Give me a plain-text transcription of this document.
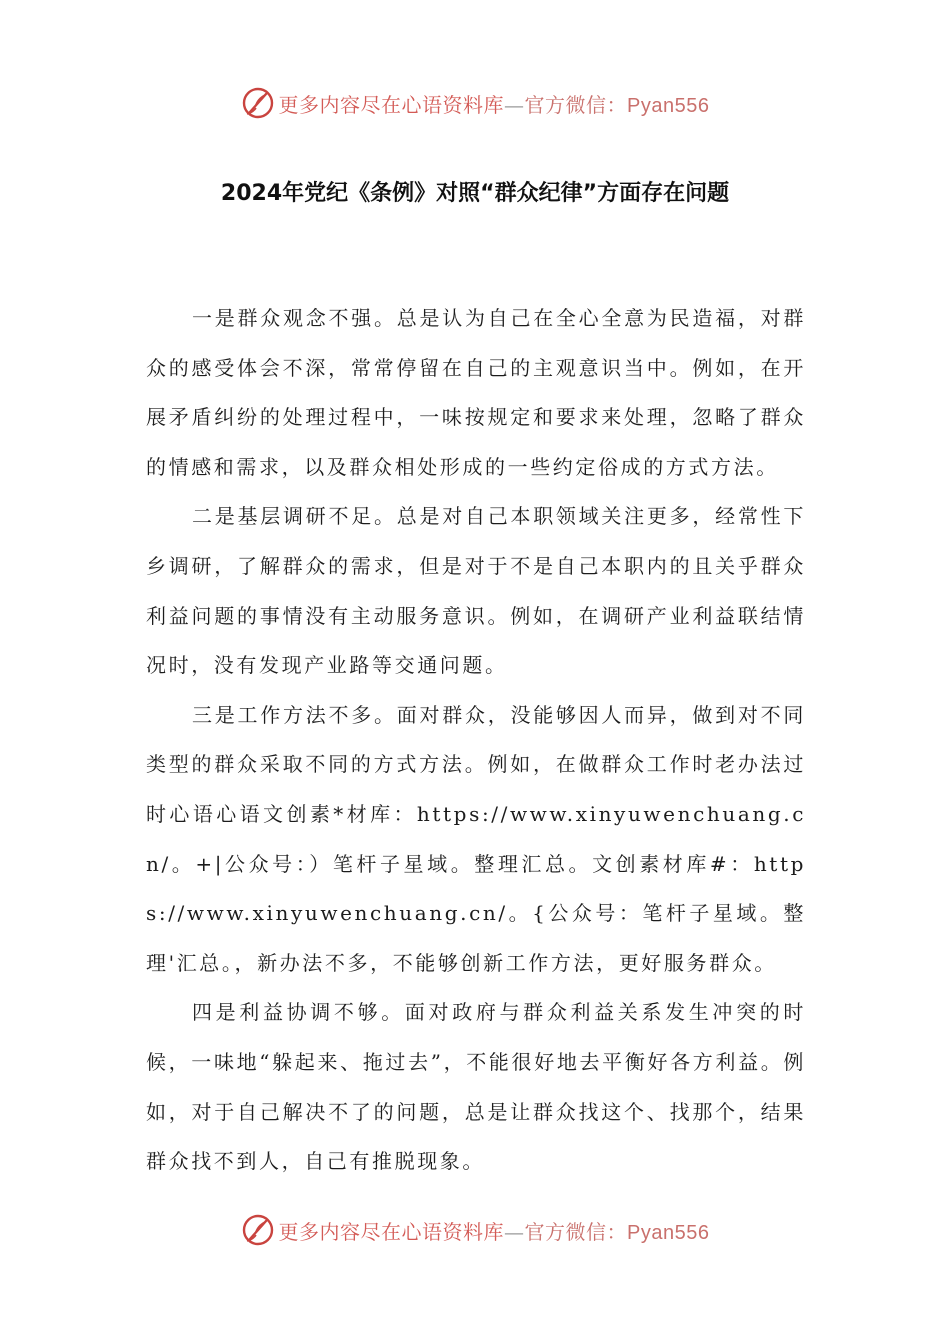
更多内容尽在心语资料库—官方微信：Pyan556
2024年党纪《条例》对照“群众纪律”方面存在问题

一是群众观念不强。总是认为自己在全心全意为民造福，对群众的感受体会不深，常常停留在自己的主观意识当中。例如，在开展矛盾纠纷的处理过程中，一味按规定和要求来处理，忽略了群众的情感和需求，以及群众相处形成的一些约定俗成的方式方法。

二是基层调研不足。总是对自己本职领域关注更多，经常性下乡调研，了解群众的需求，但是对于不是自己本职内的且关乎群众利益问题的事情没有主动服务意识。例如，在调研产业利益联结情况时，没有发现产业路等交通问题。

三是工作方法不多。面对群众，没能够因人而异，做到对不同类型的群众采取不同的方式方法。例如，在做群众工作时老办法过时心语心语文创素*材库：https://www.xinyuwenchuang.cn/。+|公众号：）笔杆子星域。整理汇总。文创素材库#：https://www.xinyuwenchuang.cn/。{公众号：笔杆子星域。整理'汇总。，新办法不多，不能够创新工作方法，更好服务群众。

四是利益协调不够。面对政府与群众利益关系发生冲突的时候，一味地“躲起来、拖过去”，不能很好地去平衡好各方利益。例如，对于自己解决不了的问题，总是让群众找这个、找那个，结果群众找不到人，自己有推脱现象。

更多内容尽在心语资料库—官方微信：Pyan556
